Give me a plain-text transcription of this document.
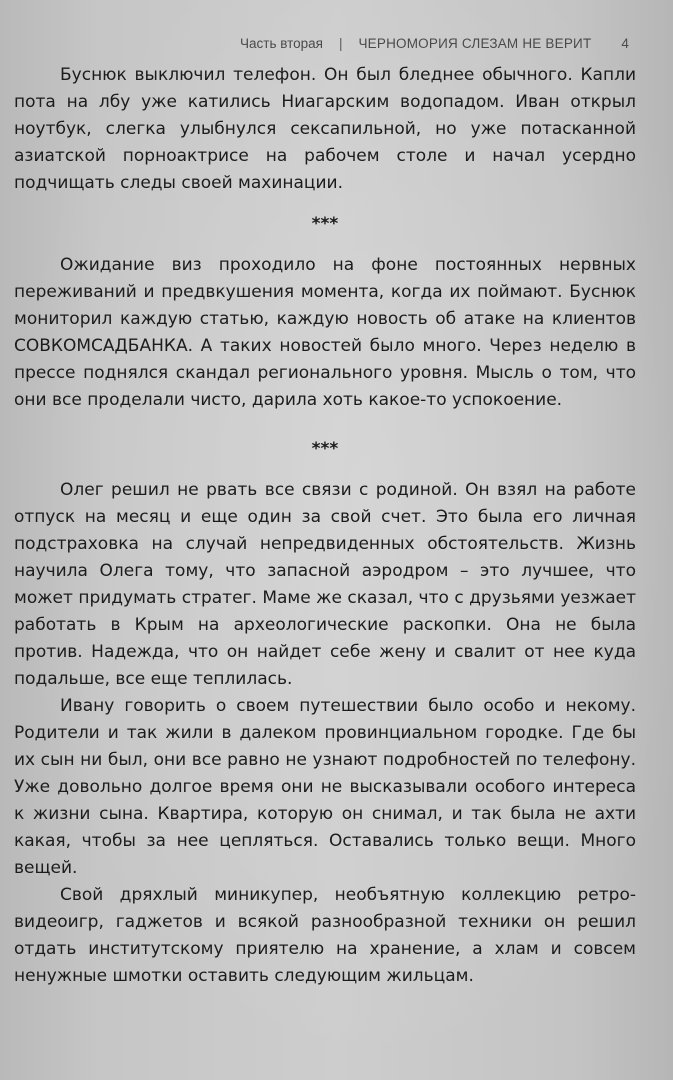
Часть вторая | ЧЕРНОМОРИЯ СЛЕЗАМ НЕ ВЕРИТ 4

Буснюк выключил телефон. Он был бледнее обычного. Капли пота на лбу уже катились Ниагарским водопадом. Иван открыл ноутбук, слегка улыбнулся сексапильной, но уже потасканной азиатской порноактрисе на рабочем столе и начал усердно подчищать следы своей махинации.

***

Ожидание виз проходило на фоне постоянных нервных переживаний и предвкушения момента, когда их поймают. Буснюк мониторил каждую статью, каждую новость об атаке на клиентов СОВКОМСАДБАНКА. А таких новостей было много. Через неделю в прессе поднялся скандал регионального уровня. Мысль о том, что они все проделали чисто, дарила хоть какое-то успокоение.

***

Олег решил не рвать все связи с родиной. Он взял на работе отпуск на месяц и еще один за свой счет. Это была его личная подстраховка на случай непредвиденных обстоятельств. Жизнь научила Олега тому, что запасной аэродром – это лучшее, что может придумать стратег. Маме же сказал, что с друзьями уезжает работать в Крым на археологические раскопки. Она не была против. Надежда, что он найдет себе жену и свалит от нее куда подальше, все еще теплилась.

Ивану говорить о своем путешествии было особо и некому. Родители и так жили в далеком провинциальном городке. Где бы их сын ни был, они все равно не узнают подробностей по телефону. Уже довольно долгое время они не высказывали особого интереса к жизни сына. Квартира, которую он снимал, и так была не ахти какая, чтобы за нее цепляться. Оставались только вещи. Много вещей.

Свой дряхлый миникупер, необъятную коллекцию ретро-видеоигр, гаджетов и всякой разнообразной техники он решил отдать институтскому приятелю на хранение, а хлам и совсем ненужные шмотки оставить следующим жильцам.
